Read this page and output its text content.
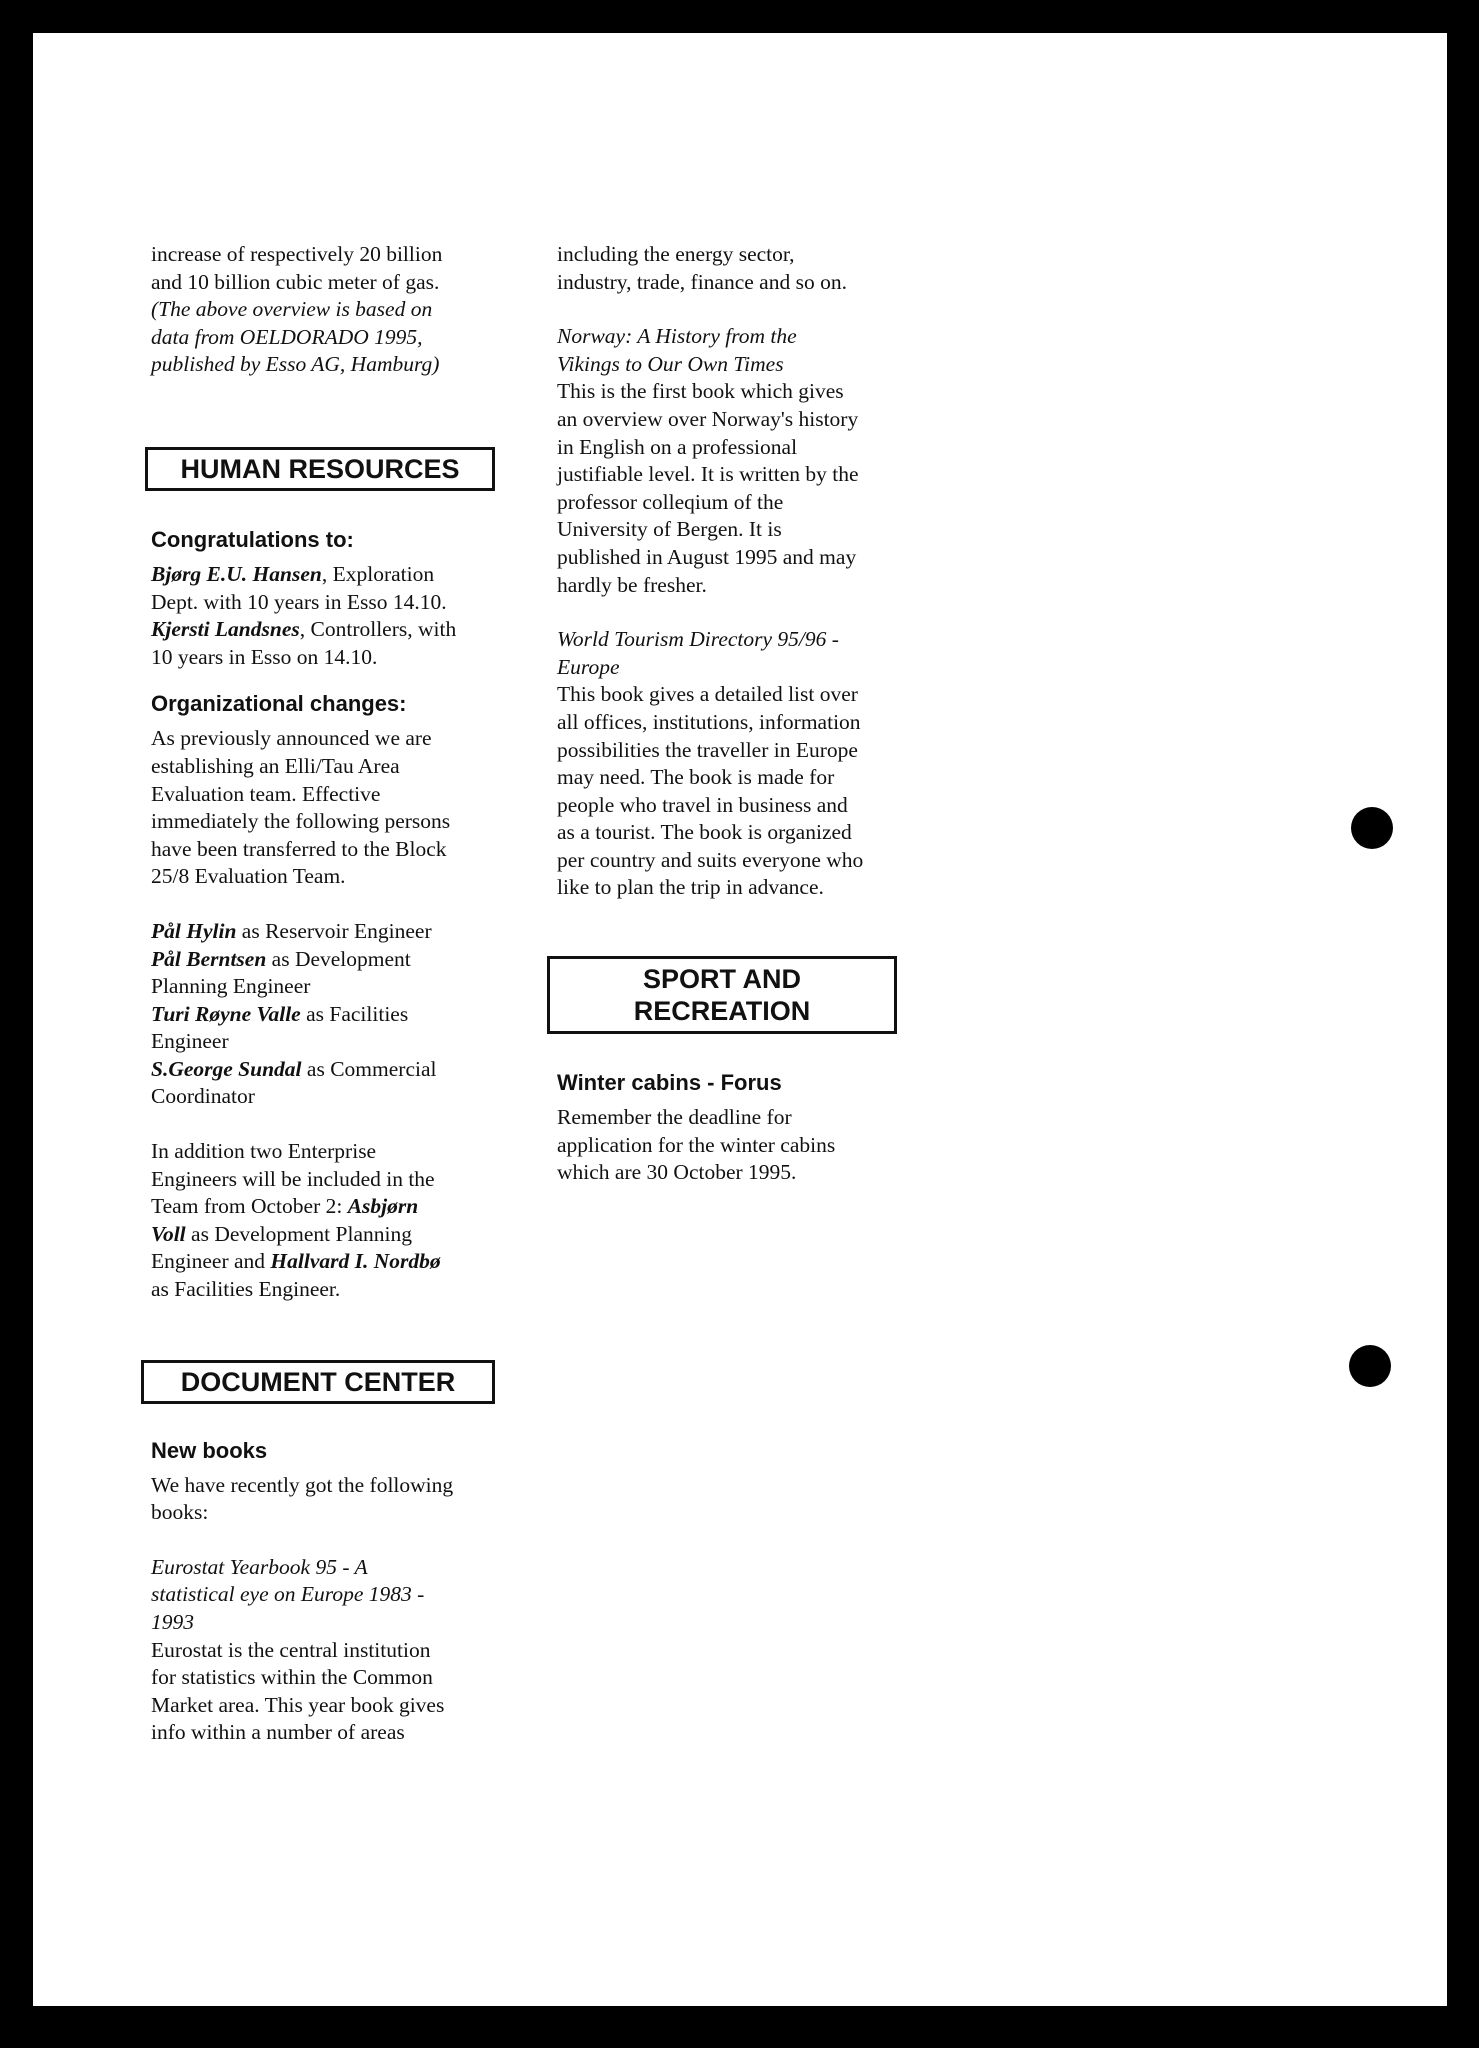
increase of respectively 20 billion

and 10 billion cubic meter of gas.

(The above overview is based on

data from OELDORADO 1995,

published by Esso AG, Hamburg)

HUMAN RESOURCES
Congratulations to:

Bjørg E.U. Hansen, Exploration

Dept. with 10 years in Esso 14.10.

Kjersti Landsnes, Controllers, with

10 years in Esso on 14.10.

Organizational changes:

As previously announced we are

establishing an Elli/Tau Area

Evaluation team. Effective

immediately the following persons

have been transferred to the Block

25/8 Evaluation Team.

Pål Hylin as Reservoir Engineer

Pål Berntsen as Development

Planning Engineer

Turi Røyne Valle as Facilities

Engineer

S.George Sundal as Commercial

Coordinator

In addition two Enterprise

Engineers will be included in the

Team from October 2: Asbjørn

Voll as Development Planning

Engineer and Hallvard I. Nordbø

as Facilities Engineer.

DOCUMENT CENTER
New books

We have recently got the following

books:

Eurostat Yearbook 95 - A

statistical eye on Europe 1983 -

1993

Eurostat is the central institution

for statistics within the Common

Market area. This year book gives

info within a number of areas

including the energy sector,

industry, trade, finance and so on.

Norway: A History from the

Vikings to Our Own Times

This is the first book which gives

an overview over Norway's history

in English on a professional

justifiable level. It is written by the

professor colleqium of the

University of Bergen. It is

published in August 1995 and may

hardly be fresher.

World Tourism Directory 95/96 -

Europe

This book gives a detailed list over

all offices, institutions, information

possibilities the traveller in Europe

may need. The book is made for

people who travel in business and

as a tourist. The book is organized

per country and suits everyone who

like to plan the trip in advance.

SPORT AND
RECREATION
Winter cabins - Forus

Remember the deadline for

application for the winter cabins

which are 30 October 1995.
